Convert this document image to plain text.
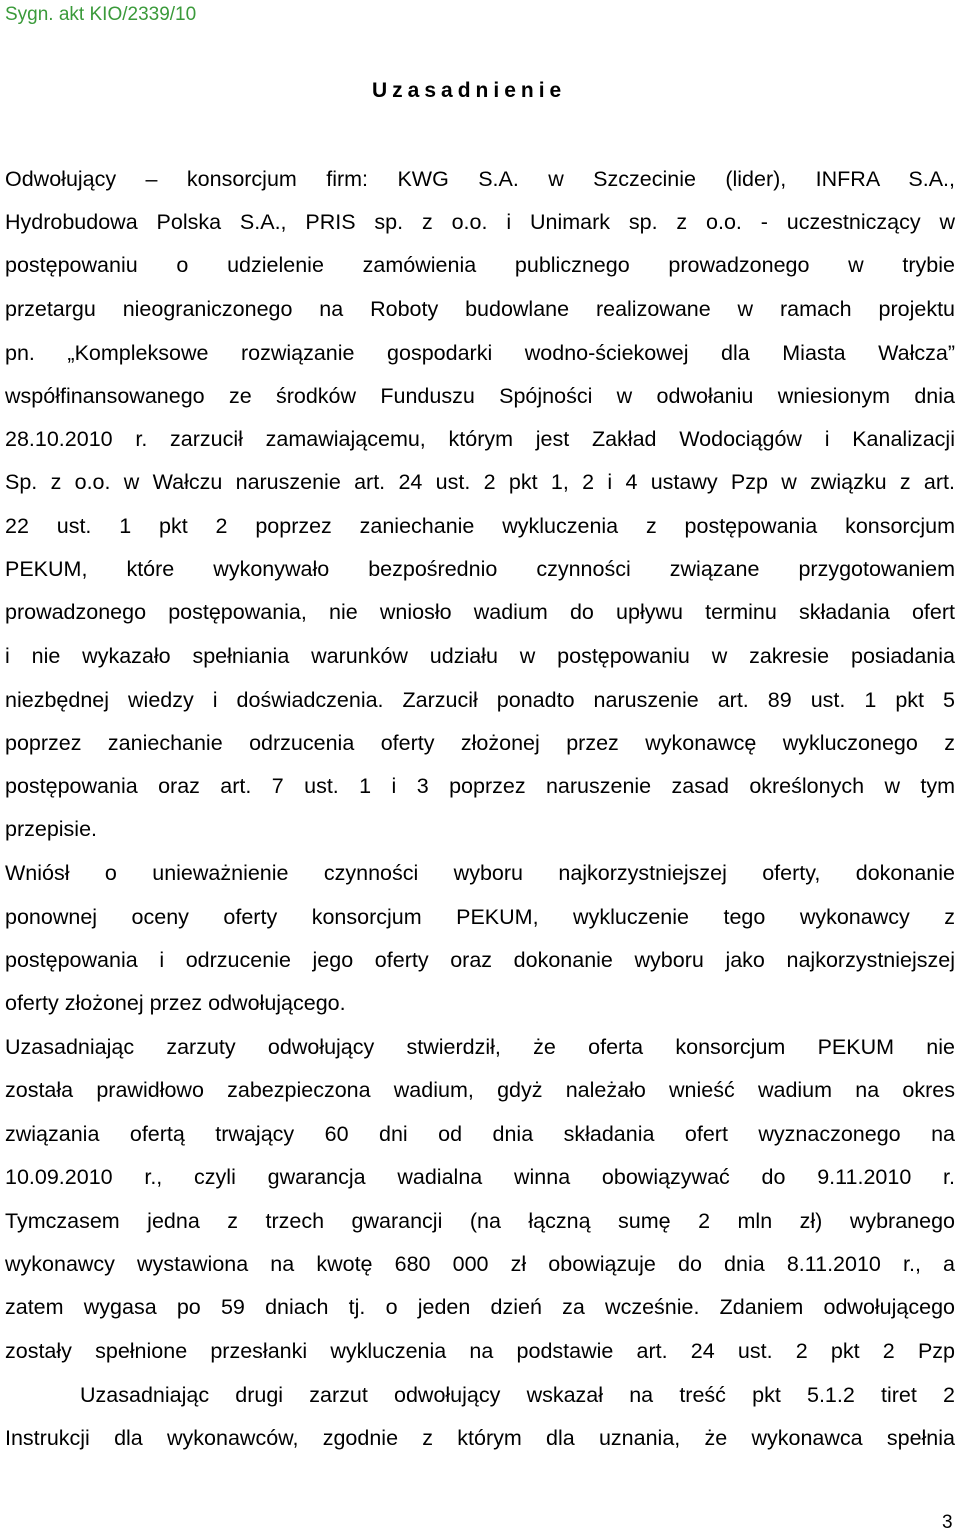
Sygn. akt KIO/2339/10
Uzasadnienie
Odwołujący – konsorcjum firm: KWG S.A. w Szczecinie (lider), INFRA S.A.,
Hydrobudowa Polska S.A., PRIS sp. z o.o. i Unimark sp. z o.o. - uczestniczący w
postępowaniu o udzielenie zamówienia publicznego prowadzonego w trybie
przetargu nieograniczonego na Roboty budowlane realizowane w ramach projektu
pn. „Kompleksowe rozwiązanie gospodarki wodno-ściekowej dla Miasta Wałcza”
współfinansowanego ze środków Funduszu Spójności w odwołaniu wniesionym dnia
28.10.2010 r. zarzucił zamawiającemu, którym jest Zakład Wodociągów i Kanalizacji
Sp. z o.o. w Wałczu naruszenie art. 24 ust. 2 pkt 1, 2 i 4 ustawy Pzp w związku z art.
22 ust. 1 pkt 2 poprzez zaniechanie wykluczenia z postępowania konsorcjum
PEKUM, które wykonywało bezpośrednio czynności związane przygotowaniem
prowadzonego postępowania, nie wniosło wadium do upływu terminu składania ofert
i nie wykazało spełniania warunków udziału w postępowaniu w zakresie posiadania
niezbędnej wiedzy i doświadczenia. Zarzucił ponadto naruszenie art. 89 ust. 1 pkt 5
poprzez zaniechanie odrzucenia oferty złożonej przez wykonawcę wykluczonego z
postępowania oraz art. 7 ust. 1 i 3 poprzez naruszenie zasad określonych w tym
przepisie.
Wniósł o unieważnienie czynności wyboru najkorzystniejszej oferty, dokonanie
ponownej oceny oferty konsorcjum PEKUM, wykluczenie tego wykonawcy z
postępowania i odrzucenie jego oferty oraz dokonanie wyboru jako najkorzystniejszej
oferty złożonej przez odwołującego.
Uzasadniając zarzuty odwołujący stwierdził, że oferta konsorcjum PEKUM nie
została prawidłowo zabezpieczona wadium, gdyż należało wnieść wadium na okres
związania ofertą trwający 60 dni od dnia składania ofert wyznaczonego na
10.09.2010 r., czyli gwarancja wadialna winna obowiązywać do 9.11.2010 r.
Tymczasem jedna z trzech gwarancji (na łączną sumę 2 mln zł) wybranego
wykonawcy wystawiona na kwotę 680 000 zł obowiązuje do dnia 8.11.2010 r., a
zatem wygasa po 59 dniach tj. o jeden dzień za wcześnie. Zdaniem odwołującego
zostały spełnione przesłanki wykluczenia na podstawie art. 24 ust. 2 pkt 2 Pzp
Uzasadniając drugi zarzut odwołujący wskazał na treść pkt 5.1.2 tiret 2
Instrukcji dla wykonawców, zgodnie z którym dla uznania, że wykonawca spełnia
3
